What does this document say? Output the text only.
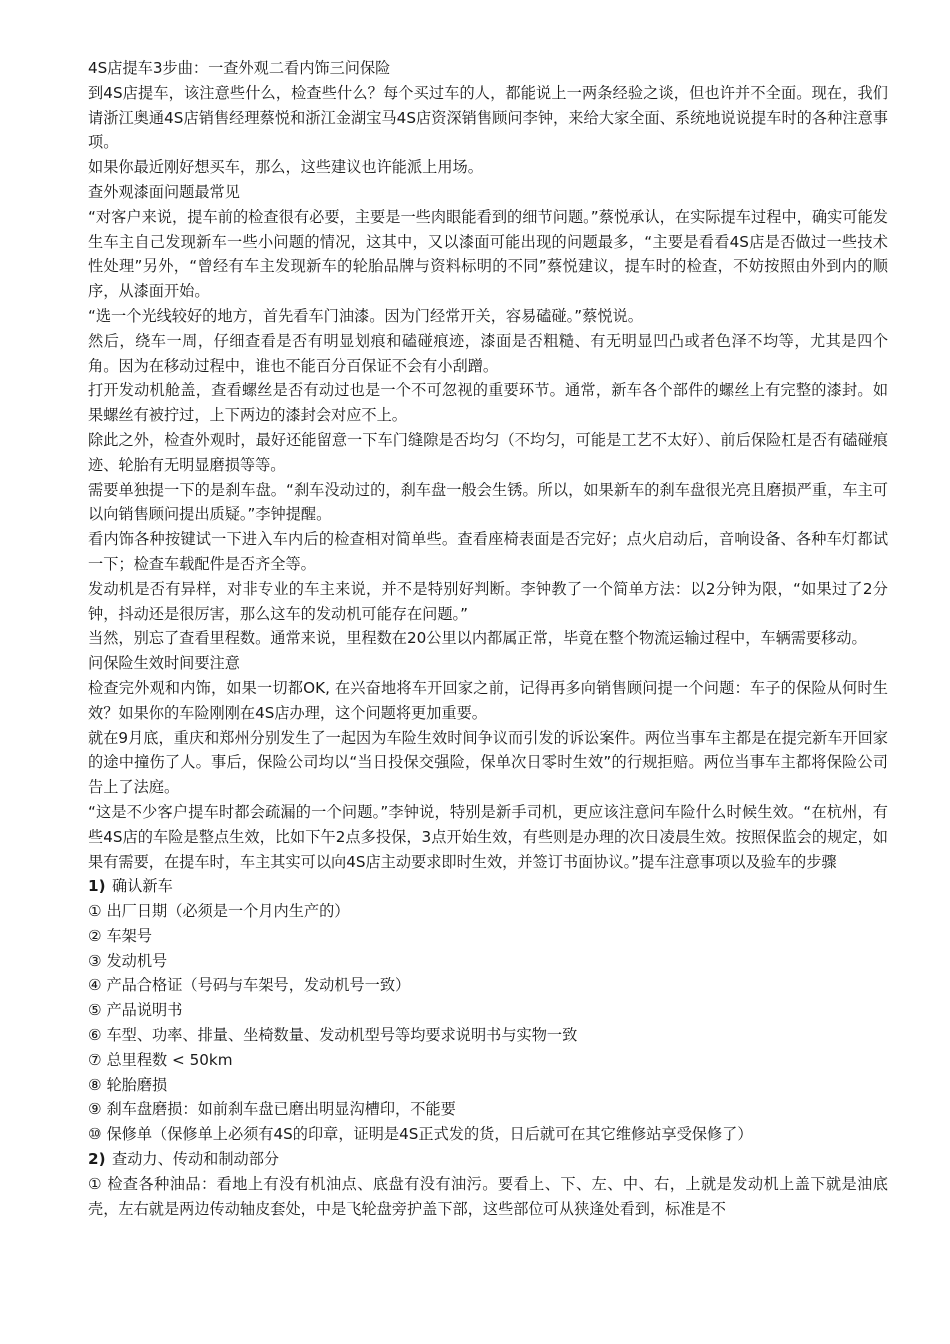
4S店提车3步曲：一查外观二看内饰三问保险

到4S店提车，该注意些什么，检查些什么？每个买过车的人，都能说上一两条经验之谈，但也许并不全面。现在，我们请浙江奥通4S店销售经理蔡悦和浙江金湖宝马4S店资深销售顾问李钟，来给大家全面、系统地说说提车时的各种注意事项。

如果你最近刚好想买车，那么，这些建议也许能派上用场。

查外观漆面问题最常见

“对客户来说，提车前的检查很有必要，主要是一些肉眼能看到的细节问题。”蔡悦承认，在实际提车过程中，确实可能发生车主自己发现新车一些小问题的情况，这其中，又以漆面可能出现的问题最多，“主要是看看4S店是否做过一些技术性处理”另外，“曾经有车主发现新车的轮胎品牌与资料标明的不同”蔡悦建议，提车时的检查，不妨按照由外到内的顺序，从漆面开始。

“选一个光线较好的地方，首先看车门油漆。因为门经常开关，容易磕碰。”蔡悦说。

然后，绕车一周，仔细查看是否有明显划痕和磕碰痕迹，漆面是否粗糙、有无明显凹凸或者色泽不均等，尤其是四个角。因为在移动过程中，谁也不能百分百保证不会有小刮蹭。

打开发动机舱盖，查看螺丝是否有动过也是一个不可忽视的重要环节。通常，新车各个部件的螺丝上有完整的漆封。如果螺丝有被拧过，上下两边的漆封会对应不上。

除此之外，检查外观时，最好还能留意一下车门缝隙是否均匀（不均匀，可能是工艺不太好）、前后保险杠是否有磕碰痕迹、轮胎有无明显磨损等等。

需要单独提一下的是刹车盘。“刹车没动过的，刹车盘一般会生锈。所以，如果新车的刹车盘很光亮且磨损严重，车主可以向销售顾问提出质疑。”李钟提醒。

看内饰各种按键试一下进入车内后的检查相对简单些。查看座椅表面是否完好；点火启动后，音响设备、各种车灯都试一下；检查车载配件是否齐全等。

发动机是否有异样，对非专业的车主来说，并不是特别好判断。李钟教了一个简单方法：以2分钟为限，“如果过了2分钟，抖动还是很厉害，那么这车的发动机可能存在问题。”

当然，别忘了查看里程数。通常来说，里程数在20公里以内都属正常，毕竟在整个物流运输过程中，车辆需要移动。

问保险生效时间要注意

检查完外观和内饰，如果一切都OK, 在兴奋地将车开回家之前，记得再多向销售顾问提一个问题：车子的保险从何时生效？如果你的车险刚刚在4S店办理，这个问题将更加重要。

就在9月底，重庆和郑州分别发生了一起因为车险生效时间争议而引发的诉讼案件。两位当事车主都是在提完新车开回家的途中撞伤了人。事后，保险公司均以“当日投保交强险，保单次日零时生效”的行规拒赔。两位当事车主都将保险公司告上了法庭。

“这是不少客户提车时都会疏漏的一个问题。”李钟说，特别是新手司机，更应该注意问车险什么时候生效。“在杭州，有些4S店的车险是整点生效，比如下午2点多投保，3点开始生效，有些则是办理的次日凌晨生效。按照保监会的规定，如果有需要，在提车时，车主其实可以向4S店主动要求即时生效，并签订书面协议。”提车注意事项以及验车的步骤

1) 确认新车

① 出厂日期（必须是一个月内生产的）
② 车架号
③ 发动机号
④ 产品合格证（号码与车架号，发动机号一致）
⑤ 产品说明书
⑥ 车型、功率、排量、坐椅数量、发动机型号等均要求说明书与实物一致
⑦ 总里程数 < 50km
⑧ 轮胎磨损
⑨ 刹车盘磨损：如前刹车盘已磨出明显沟槽印，不能要
⑩ 保修单（保修单上必须有4S的印章，证明是4S正式发的货，日后就可在其它维修站享受保修了）

2) 查动力、传动和制动部分

① 检查各种油品：看地上有没有机油点、底盘有没有油污。要看上、下、左、中、右，上就是发动机上盖下就是油底壳，左右就是两边传动轴皮套处，中是飞轮盘旁护盖下部，这些部位可从狭逢处看到，标准是不
